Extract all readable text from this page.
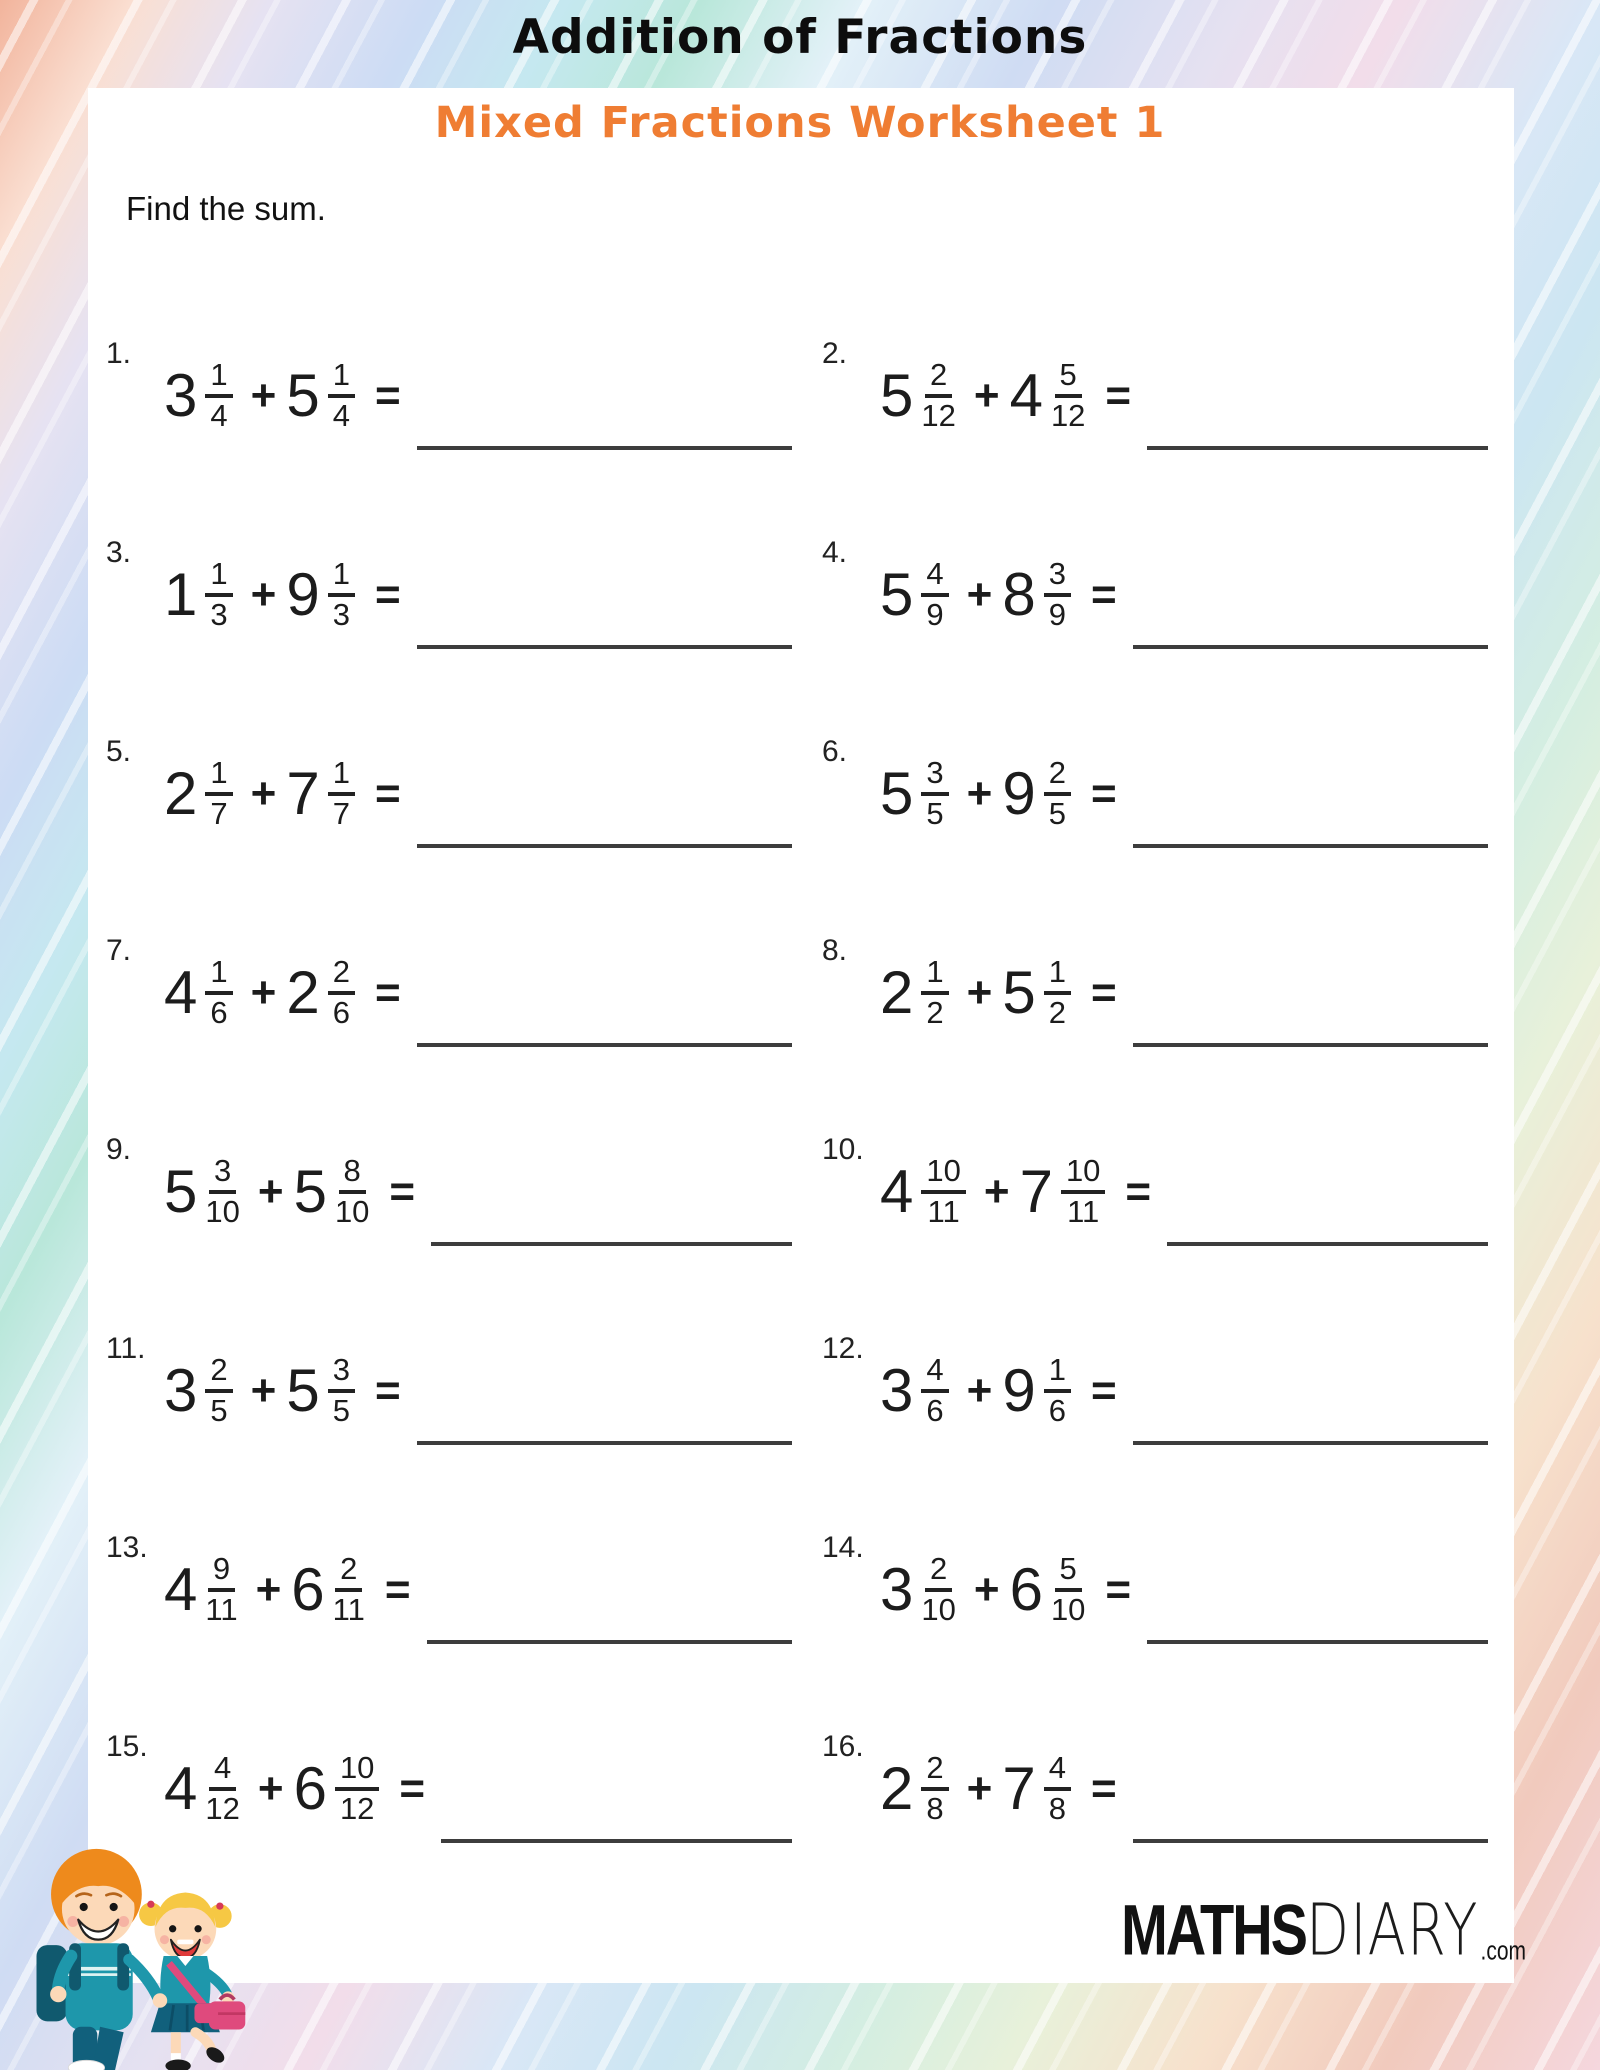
Addition of Fractions
Mixed Fractions Worksheet 1
Find the sum.
1.
$3 \frac{1}{4} + 5 \frac{1}{4}$ =
2.
$5 \frac{2}{12} + 4 \frac{5}{12}$ =
3.
$1 \frac{1}{3} + 9 \frac{1}{3}$ =
4.
$5 \frac{4}{9} + 8 \frac{3}{9}$ =
5.
$2 \frac{1}{7} + 7 \frac{1}{7}$ =
6.
$5 \frac{3}{5} + 9 \frac{2}{5}$ =
7.
$4 \frac{1}{6} + 2 \frac{2}{6}$ =
8.
$2 \frac{1}{2} + 5 \frac{1}{2}$ =
9.
$5 \frac{3}{10} + 5 \frac{8}{10}$ =
10.
$4 \frac{10}{11} + 7 \frac{10}{11}$ =
11.
$3 \frac{2}{5} + 5 \frac{3}{5}$ =
12.
$3 \frac{4}{6} + 9 \frac{1}{6}$ =
13.
$4 \frac{9}{11} + 6 \frac{2}{11}$ =
14.
$3 \frac{2}{10} + 6 \frac{5}{10}$ =
15.
$4 \frac{4}{12} + 6 \frac{10}{12}$ =
16.
$2 \frac{2}{8} + 7 \frac{4}{8}$ =
MATHSDIARY.com
